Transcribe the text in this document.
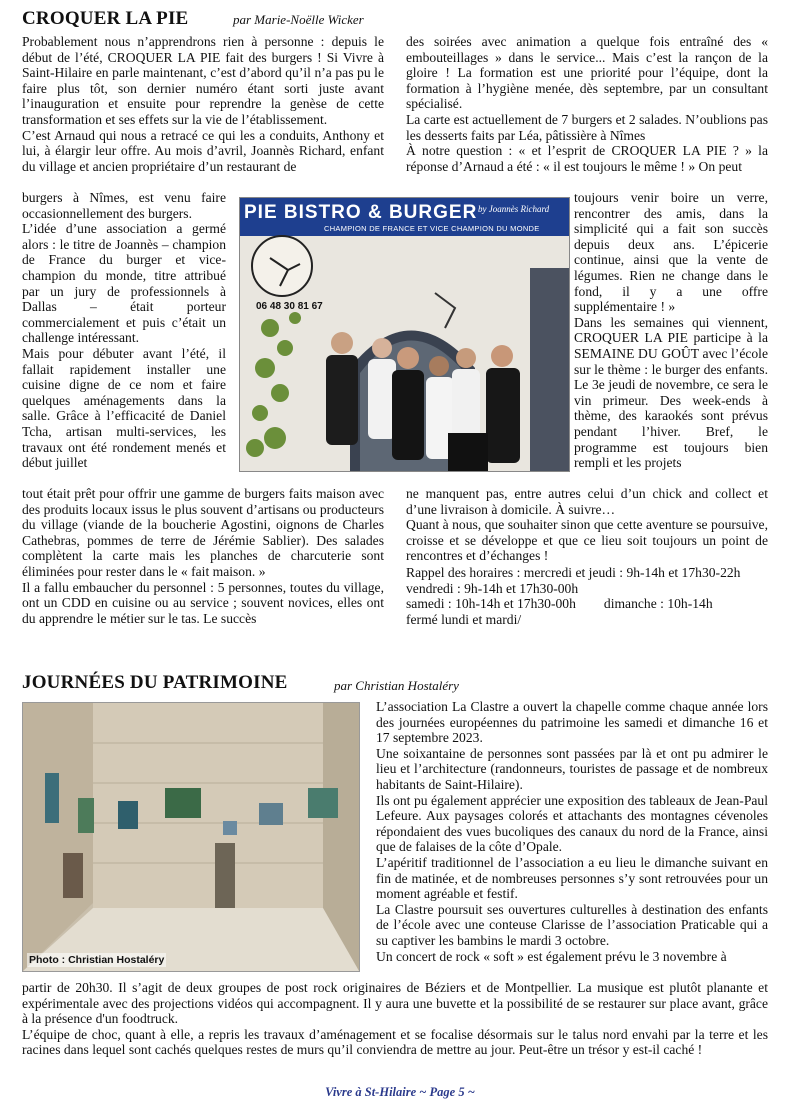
CROQUER LA PIE	par Marie-Noëlle Wicker

Probablement nous n’apprendrons rien à personne : depuis le début de l’été, CROQUER LA PIE fait des burgers ! Si Vivre à Saint-Hilaire en parle maintenant, c’est d’abord qu’il n’a pas pu le faire plus tôt, son dernier numéro étant sorti juste avant l’inauguration et ensuite pour reprendre la genèse de cette transformation et ses effets sur la vie de l’établissement.

C’est Arnaud qui nous a retracé ce qui les a conduits, Anthony et lui, à élargir leur offre. Au mois d’avril, Joannès Richard, enfant du village et ancien propriétaire d’un restaurant de

burgers à Nîmes, est venu faire occasionnellement des burgers.

L’idée d’une association a germé alors : le titre de Joannès – champion de France du burger et vice-champion du monde, titre attribué par un jury de professionnels à Dallas – était porteur commercialement et puis c’était un challenge intéressant.

Mais pour débuter avant l’été, il fallait rapidement installer une cuisine digne de ce nom et faire quelques aménagements dans la salle. Grâce à l’efficacité de Daniel Tcha, artisan multi-services, les travaux ont été rondement menés et début juillet

tout était prêt pour offrir une gamme de burgers faits maison avec des produits locaux issus le plus souvent d’artisans ou producteurs du village (viande de la boucherie Agostini, oignons de Charles Cathebras, pommes de terre de Jérémie Sablier). Des salades complètent la carte mais les planches de charcuterie sont éliminées pour rester dans le « fait maison. »

Il a fallu embaucher du personnel : 5 personnes, toutes du village, ont un CDD en cuisine ou au service ; souvent novices, elles ont du apprendre le métier sur le tas. Le succès

des soirées avec animation a quelque fois entraîné des « embouteillages » dans le service... Mais c’est la rançon de la gloire ! La formation est une priorité pour l’équipe, dont la formation à l’hygiène menée, dès septembre, par un consultant spécialisé.

La carte est actuellement de 7 burgers et 2 salades. N’oublions pas les desserts faits par Léa, pâtissière à Nîmes

À notre question : « et l’esprit de CROQUER LA PIE ? » la réponse d’Arnaud a été : « il est toujours le même ! » On peut

toujours venir boire un verre, rencontrer des amis, dans la simplicité qui a fait son succès depuis deux ans. L’épicerie continue, ainsi que la vente de légumes. Rien ne change dans le fond, il y a une offre supplémentaire ! »

Dans les semaines qui viennent, CROQUER LA PIE participe à la SEMAINE DU GOÛT avec l’école sur le thème : le burger des enfants. Le 3e jeudi de novembre, ce sera le vin primeur. Des week-ends à thème, des karaokés sont prévus pendant l’hiver. Bref, le programme est toujours bien rempli et les projets

ne manquent pas, entre autres celui d’un chick and collect et d’une livraison à domicile. À suivre…

Quant à nous, que souhaiter sinon que cette aventure se poursuive, croisse et se développe et que ce lieu soit toujours un point de rencontres et d’échanges !

Rappel des horaires : mercredi et jeudi : 9h-14h et 17h30-22h
vendredi : 9h-14h et 17h30-00h
samedi : 10h-14h et 17h30-00h dimanche : 10h-14h
fermé lundi et mardi/
PIE BISTRO & BURGER by Joannès Richard
CHAMPION DE FRANCE ET VICE CHAMPION DU MONDE
06 48 30 81 67
JOURNÉES DU PATRIMOINE	par Christian Hostaléry
Photo : Christian Hostaléry

L’association La Clastre a ouvert la chapelle comme chaque année lors des journées européennes du patrimoine les samedi et dimanche 16 et 17 septembre 2023.

Une soixantaine de personnes sont passées par là et ont pu admirer le lieu et l’architecture (randonneurs, touristes de passage et de nombreux habitants de Saint-Hilaire).

Ils ont pu également apprécier une exposition des tableaux de Jean-Paul Lefeure. Aux paysages colorés et attachants des montagnes cévenoles répondaient des vues bucoliques des canaux du nord de la France, ainsi que de falaises de la côte d’Opale.

L’apéritif traditionnel de l’association a eu lieu le dimanche suivant en fin de matinée, et de nombreuses personnes s’y sont retrouvées pour un moment agréable et festif.

La Clastre poursuit ses ouvertures culturelles à destination des enfants de l’école avec une conteuse Clarisse de l’association Praticable qui a su captiver les bambins le mardi 3 octobre.

Un concert de rock « soft » est également prévu le 3 novembre à

partir de 20h30. Il s’agit de deux groupes de post rock originaires de Béziers et de Montpellier. La musique est plutôt planante et expérimentale avec des projections vidéos qui accompagnent. Il y aura une buvette et la possibilité de se restaurer sur place avant, grâce à la présence d'un foodtruck.

L’équipe de choc, quant à elle, a repris les travaux d’aménagement et se focalise désormais sur le talus nord envahi par la terre et les racines dans lequel sont cachés quelques restes de murs qu’il conviendra de mettre au jour. Peut-être un trésor y est-il caché !

Vivre à St-Hilaire ~ Page 5 ~
